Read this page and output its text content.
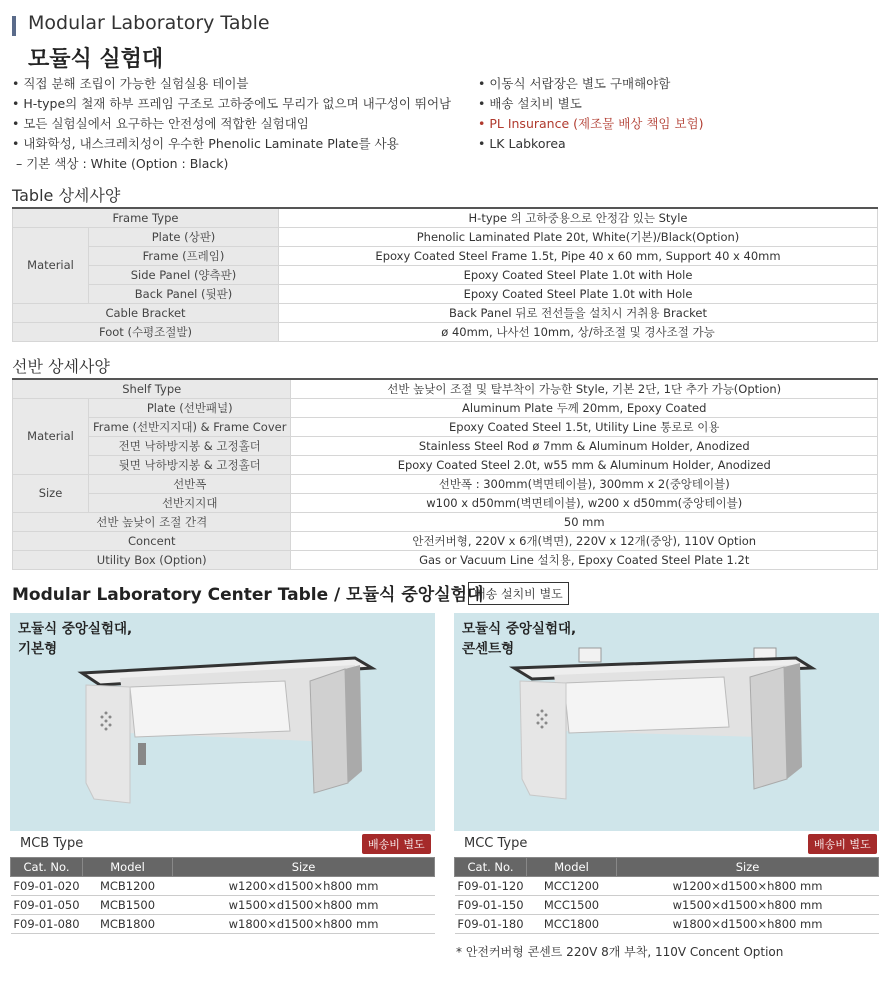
Modular Laboratory Table
모듈식 실험대
• 직접 분해 조립이 가능한 실험실용 테이블
• H-type의 철재 하부 프레임 구조로 고하중에도 무리가 없으며 내구성이 뛰어남
• 모든 실험실에서 요구하는 안전성에 적합한 실험대임
• 내화학성, 내스크레치성이 우수한 Phenolic Laminate Plate를 사용
– 기본 색상 : White (Option : Black)
• 이동식 서랍장은 별도 구매해야함
• 배송 설치비 별도
• PL Insurance (제조물 배상 책임 보험)
• LK Labkorea
Table 상세사양
Frame Type		H-type 의 고하중용으로 안정감 있는 Style
Material	Plate (상판)	Phenolic Laminated Plate 20t, White(기본)/Black(Option)
	Frame (프레임)	Epoxy Coated Steel Frame 1.5t, Pipe 40 x 60 mm, Support 40 x 40mm
	Side Panel (양측판)	Epoxy Coated Steel Plate 1.0t with Hole
	Back Panel (뒷판)	Epoxy Coated Steel Plate 1.0t with Hole
Cable Bracket		Back Panel 뒤로 전선들을 설치시 거취용 Bracket
Foot (수평조절발)		ø 40mm, 나사선 10mm, 상/하조절 및 경사조절 가능
선반 상세사양
Shelf Type		선반 높낮이 조절 및 탈부착이 가능한 Style, 기본 2단, 1단 추가 가능(Option)
Material	Plate (선반패널)	Aluminum Plate 두께 20mm, Epoxy Coated
	Frame (선반지지대) & Frame Cover	Epoxy Coated Steel 1.5t, Utility Line 통로로 이용
	전면 낙하방지봉 & 고정홀더	Stainless Steel Rod ø 7mm & Aluminum Holder, Anodized
	뒷면 낙하방지봉 & 고정홀더	Epoxy Coated Steel 2.0t, w55 mm & Aluminum Holder, Anodized
Size	선반폭	선반폭 : 300mm(벽면테이블), 300mm x 2(중앙테이블)
	선반지지대	w100 x d50mm(벽면테이블), w200 x d50mm(중앙테이블)
선반 높낮이 조절 간격		50 mm
Concent		안전커버형, 220V x 6개(벽면), 220V x 12개(중앙), 110V Option
Utility Box (Option)		Gas or Vacuum Line 설치용, Epoxy Coated Steel Plate 1.2t
Modular Laboratory Center Table / 모듈식 중앙실험대
배송 설치비 별도
모듈식 중앙실험대,
기본형
모듈식 중앙실험대,
콘센트형
MCB Type	배송비 별도	MCC Type	배송비 별도
Cat. No.	Model	Size
F09-01-020	MCB1200	w1200×d1500×h800 mm
F09-01-050	MCB1500	w1500×d1500×h800 mm
F09-01-080	MCB1800	w1800×d1500×h800 mm
Cat. No.	Model	Size
F09-01-120	MCC1200	w1200×d1500×h800 mm
F09-01-150	MCC1500	w1500×d1500×h800 mm
F09-01-180	MCC1800	w1800×d1500×h800 mm
* 안전커버형 콘센트 220V 8개 부착, 110V Concent Option
